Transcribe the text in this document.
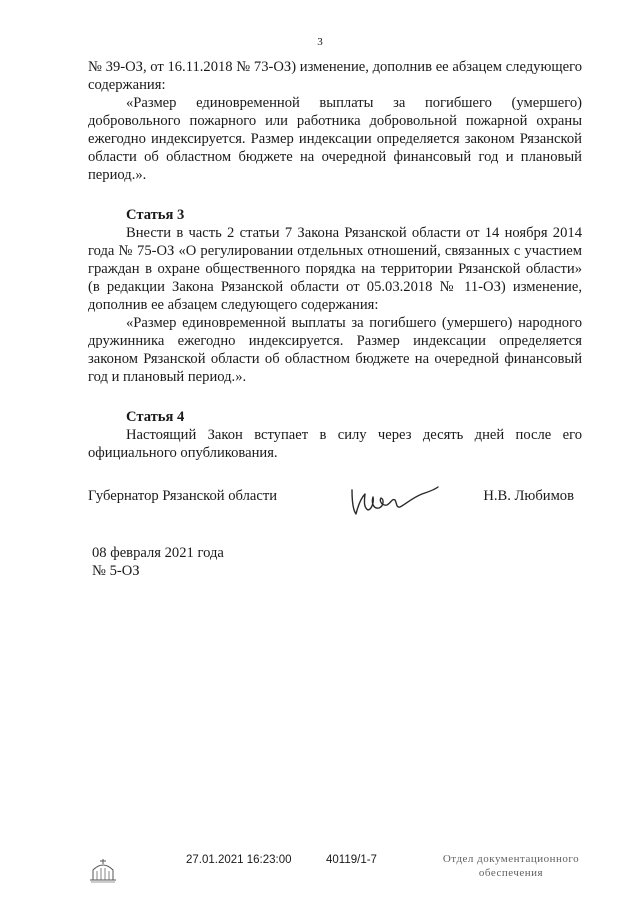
3

№ 39-ОЗ, от 16.11.2018 № 73-ОЗ) изменение, дополнив ее абзацем следующего содержания:

«Размер единовременной выплаты за погибшего (умершего) добровольного пожарного или работника добровольной пожарной охраны ежегодно индексируется. Размер индексации определяется законом Рязанской области об областном бюджете на очередной финансовый год и плановый период.».

Статья 3

Внести в часть 2 статьи 7 Закона Рязанской области от 14 ноября 2014 года № 75-ОЗ «О регулировании отдельных отношений, связанных с участием граждан в охране общественного порядка на территории Рязанской области» (в редакции Закона Рязанской области от 05.03.2018 № 11-ОЗ) изменение, дополнив ее абзацем следующего содержания:

«Размер единовременной выплаты за погибшего (умершего) народного дружинника ежегодно индексируется. Размер индексации определяется законом Рязанской области об областном бюджете на очередной финансовый год и плановый период.».

Статья 4

Настоящий Закон вступает в силу через десять дней после его официального опубликования.

Губернатор Рязанской области	Н.В. Любимов
08 февраля 2021 года
№ 5-ОЗ
27.01.2021 16:23:00	40119/1-7	Отдел документационного
обеспечения
